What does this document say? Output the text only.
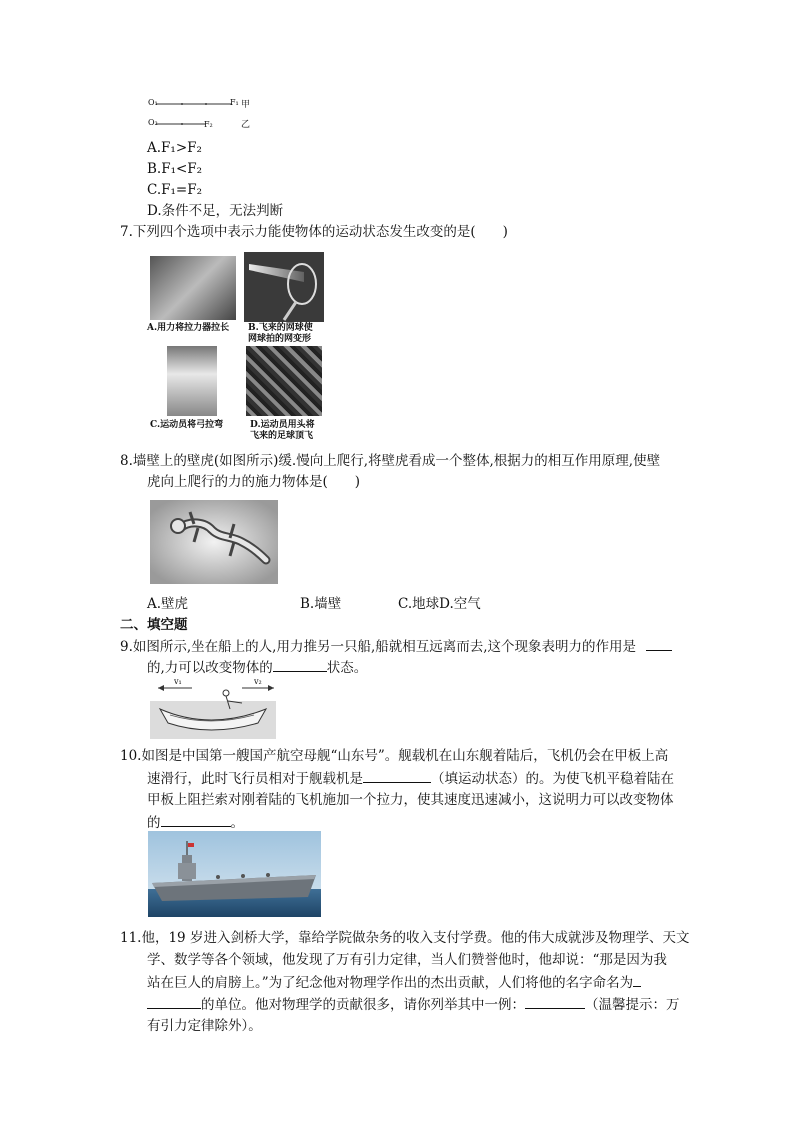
O₁	F₁ 甲
O₂	F₂	乙
A.F₁>F₂
B.F₁<F₂
C.F₁=F₂
D.条件不足，无法判断
7.下列四个选项中表示力能使物体的运动状态发生改变的是(　　)
A.用力将拉力器拉长 B.飞来的网球使
网球拍的网变形
C.运动员将弓拉弯	D.运动员用头将
飞来的足球顶飞
8.墙壁上的壁虎(如图所示)缓.慢向上爬行,将壁虎看成一个整体,根据力的相互作用原理,使壁
虎向上爬行的力的施力物体是(　　)
A.壁虎	B.墙壁	C.地球D.空气
二、填空题
9.如图所示,坐在船上的人,用力推另一只船,船就相互远离而去,这个现象表明力的作用是
的,力可以改变物体的	状态。
v₁	v₂
10.如图是中国第一艘国产航空母舰“山东号”。舰载机在山东舰着陆后，飞机仍会在甲板上高
速滑行，此时飞行员相对于舰载机是	（填运动状态）的。为使飞机平稳着陆在
甲板上阻拦索对刚着陆的飞机施加一个拉力，使其速度迅速减小，这说明力可以改变物体
的	。
11.他，19 岁进入剑桥大学，靠给学院做杂务的收入支付学费。他的伟大成就涉及物理学、天文
学、数学等各个领域，他发现了万有引力定律，当人们赞誉他时，他却说：“那是因为我
站在巨人的肩膀上。”为了纪念他对物理学作出的杰出贡献，人们将他的名字命名为
的单位。他对物理学的贡献很多，请你列举其中一例：	（温馨提示：万
有引力定律除外）。
